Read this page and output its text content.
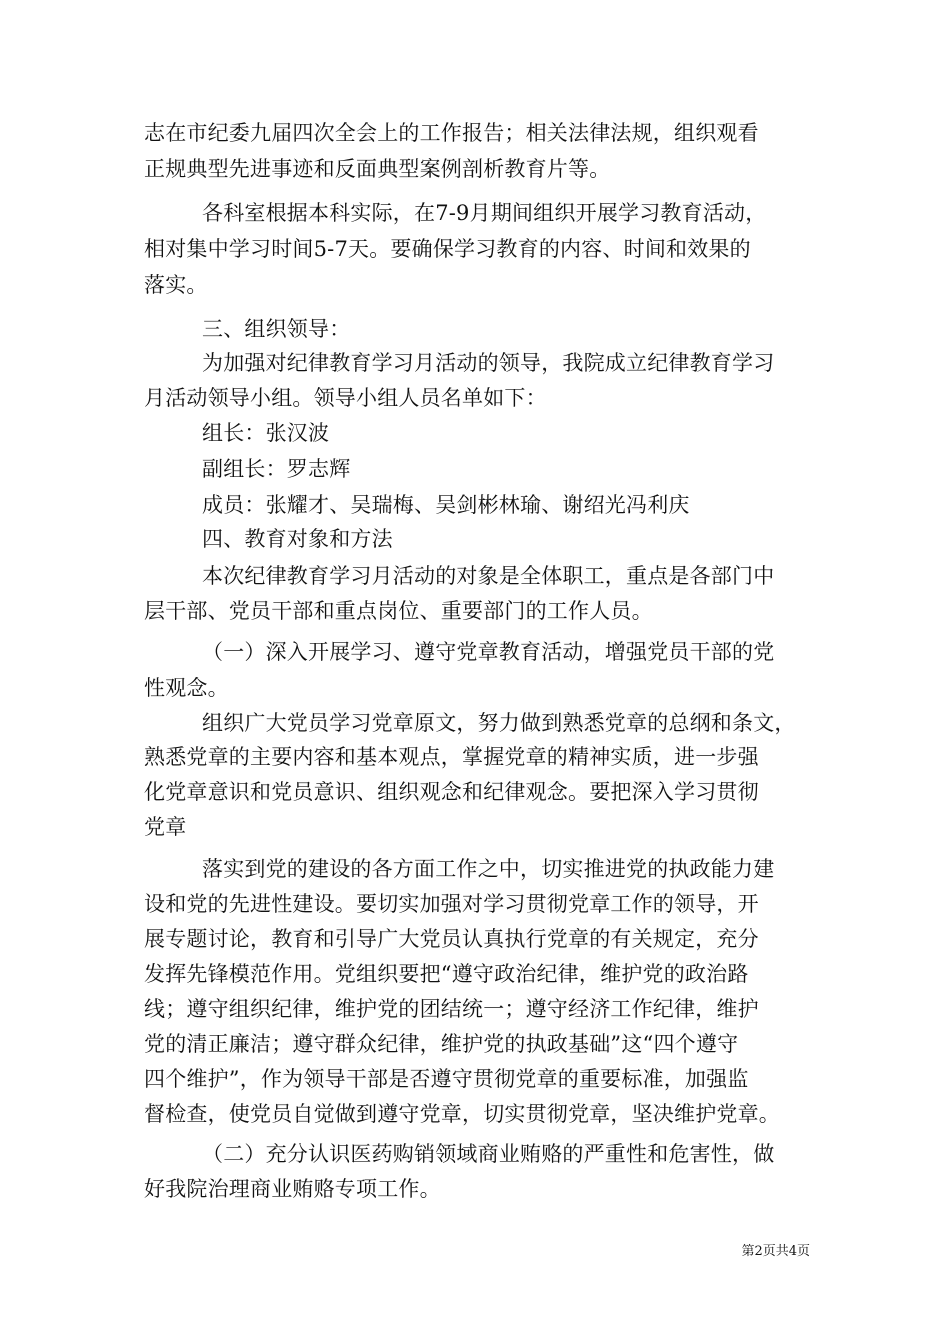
志在市纪委九届四次全会上的工作报告；相关法律法规，组织观看
正规典型先进事迹和反面典型案例剖析教育片等。
各科室根据本科实际，在7-9月期间组织开展学习教育活动，
相对集中学习时间5-7天。要确保学习教育的内容、时间和效果的
落实。
三、组织领导：
为加强对纪律教育学习月活动的领导，我院成立纪律教育学习
月活动领导小组。领导小组人员名单如下：
组长：张汉波
副组长：罗志辉
成员：张耀才、吴瑞梅、吴剑彬林瑜、谢绍光冯利庆
四、教育对象和方法
本次纪律教育学习月活动的对象是全体职工，重点是各部门中
层干部、党员干部和重点岗位、重要部门的工作人员。
（一）深入开展学习、遵守党章教育活动，增强党员干部的党
性观念。
组织广大党员学习党章原文，努力做到熟悉党章的总纲和条文，
熟悉党章的主要内容和基本观点，掌握党章的精神实质，进一步强
化党章意识和党员意识、组织观念和纪律观念。要把深入学习贯彻
党章
落实到党的建设的各方面工作之中，切实推进党的执政能力建
设和党的先进性建设。要切实加强对学习贯彻党章工作的领导，开
展专题讨论，教育和引导广大党员认真执行党章的有关规定，充分
发挥先锋模范作用。党组织要把“遵守政治纪律，维护党的政治路
线；遵守组织纪律，维护党的团结统一；遵守经济工作纪律，维护
党的清正廉洁；遵守群众纪律，维护党的执政基础”这“四个遵守
四个维护”，作为领导干部是否遵守贯彻党章的重要标准，加强监
督检查，使党员自觉做到遵守党章，切实贯彻党章，坚决维护党章。
（二）充分认识医药购销领域商业贿赂的严重性和危害性，做
好我院治理商业贿赂专项工作。
第2页共4页
